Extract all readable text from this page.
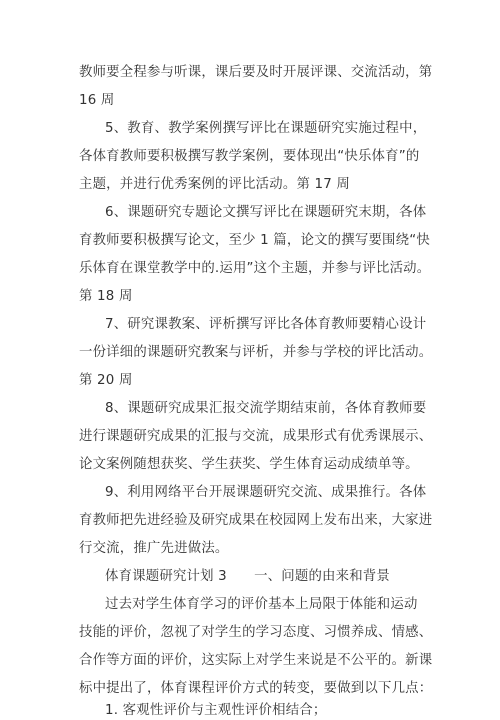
教师要全程参与听课，课后要及时开展评课、交流活动，第
16 周
5、教育、教学案例撰写评比在课题研究实施过程中，
各体育教师要积极撰写教学案例，要体现出“快乐体育”的
主题，并进行优秀案例的评比活动。第 17 周
6、课题研究专题论文撰写评比在课题研究末期，各体
育教师要积极撰写论文，至少 1 篇，论文的撰写要围绕“快
乐体育在课堂教学中的.运用”这个主题，并参与评比活动。
第 18 周
7、研究课教案、评析撰写评比各体育教师要精心设计
一份详细的课题研究教案与评析，并参与学校的评比活动。
第 20 周
8、课题研究成果汇报交流学期结束前，各体育教师要
进行课题研究成果的汇报与交流，成果形式有优秀课展示、
论文案例随想获奖、学生获奖、学生体育运动成绩单等。
9、利用网络平台开展课题研究交流、成果推行。各体
育教师把先进经验及研究成果在校园网上发布出来，大家进
行交流，推广先进做法。
体育课题研究计划 3　　一、问题的由来和背景
过去对学生体育学习的评价基本上局限于体能和运动
技能的评价，忽视了对学生的学习态度、习惯养成、情感、
合作等方面的评价，这实际上对学生来说是不公平的。新课
标中提出了，体育课程评价方式的转变，要做到以下几点：
1. 客观性评价与主观性评价相结合；
